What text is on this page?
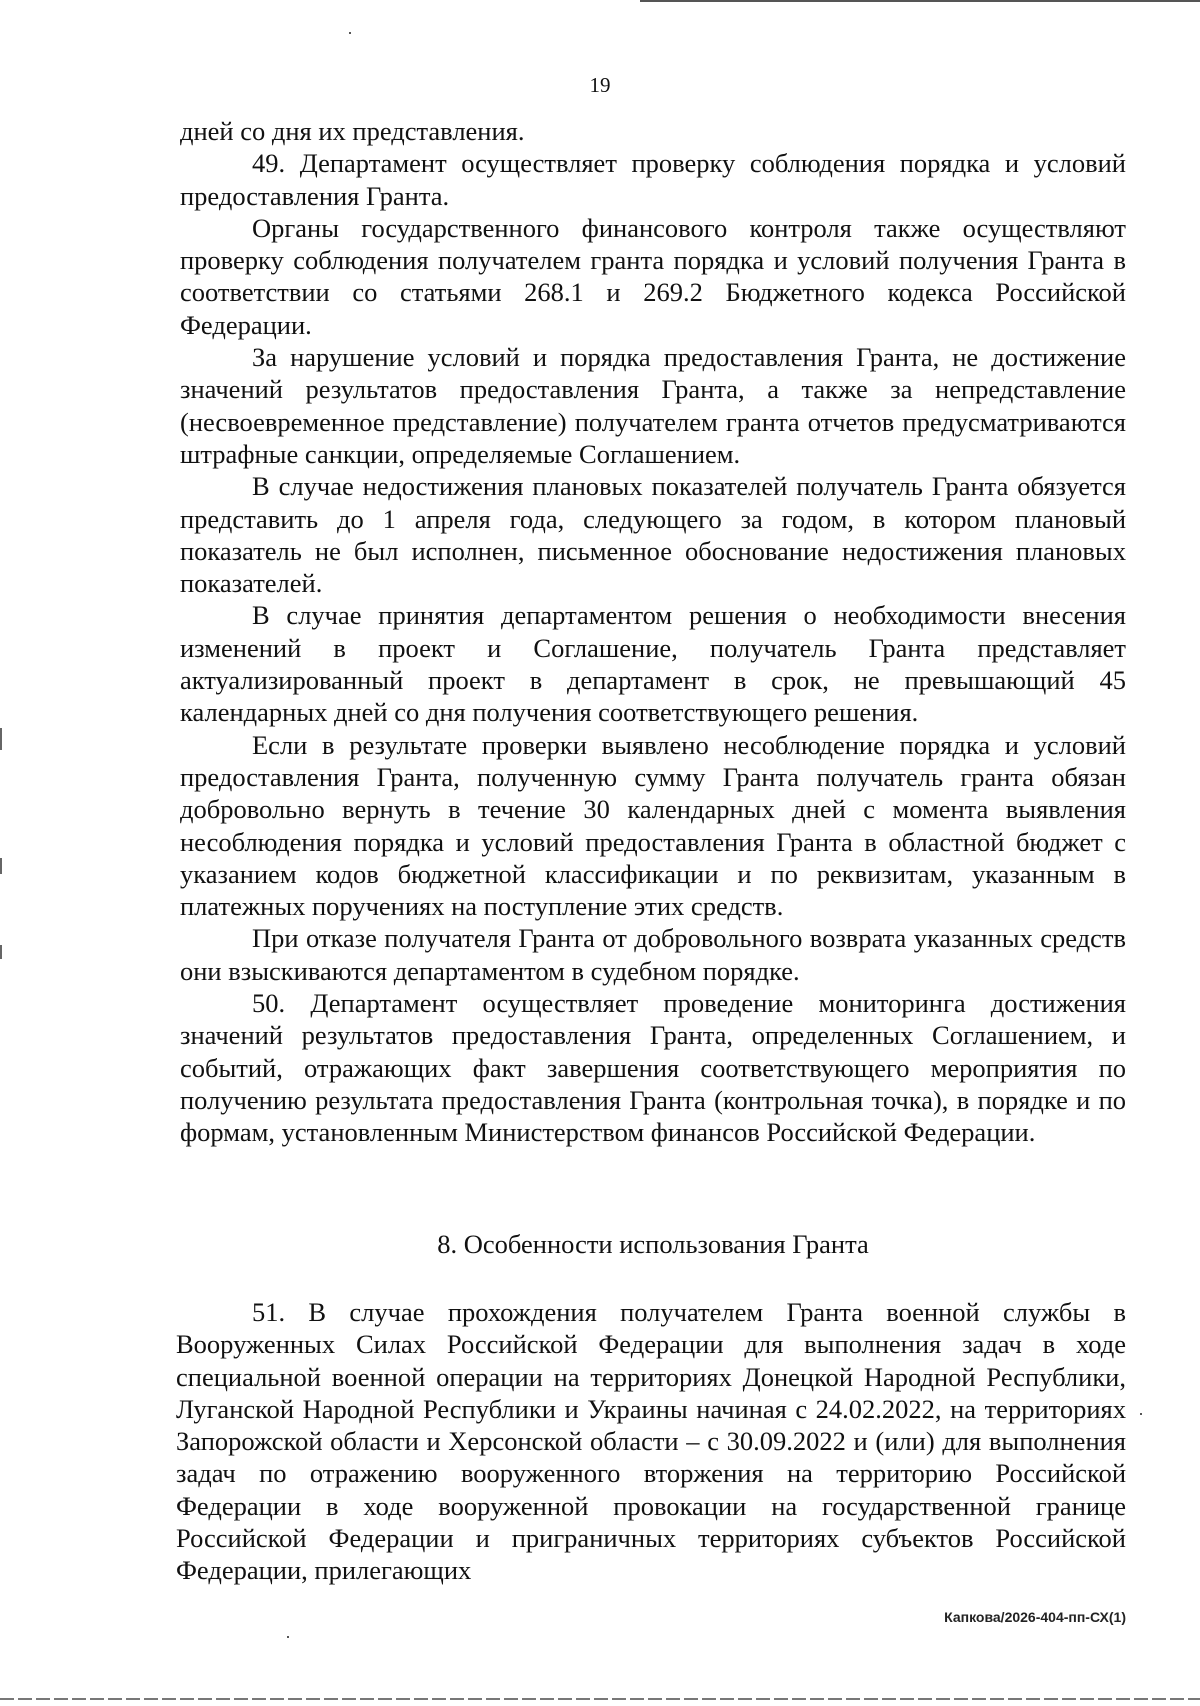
19

дней со дня их представления.

49. Департамент осуществляет проверку соблюдения порядка и условий предоставления Гранта.

Органы государственного финансового контроля также осуществляют проверку соблюдения получателем гранта порядка и условий получения Гранта в соответствии со статьями 268.1 и 269.2 Бюджетного кодекса Российской Федерации.

За нарушение условий и порядка предоставления Гранта, не достижение значений результатов предоставления Гранта, а также за непредставление (несвоевременное представление) получателем гранта отчетов предусматриваются штрафные санкции, определяемые Соглашением.

В случае недостижения плановых показателей получатель Гранта обязуется представить до 1 апреля года, следующего за годом, в котором плановый показатель не был исполнен, письменное обоснование недостижения плановых показателей.

В случае принятия департаментом решения о необходимости внесения изменений в проект и Соглашение, получатель Гранта представляет актуализированный проект в департамент в срок, не превышающий 45 календарных дней со дня получения соответствующего решения.

Если в результате проверки выявлено несоблюдение порядка и условий предоставления Гранта, полученную сумму Гранта получатель гранта обязан добровольно вернуть в течение 30 календарных дней с момента выявления несоблюдения порядка и условий предоставления Гранта в областной бюджет с указанием кодов бюджетной классификации и по реквизитам, указанным в платежных поручениях на поступление этих средств.

При отказе получателя Гранта от добровольного возврата указанных средств они взыскиваются департаментом в судебном порядке.

50. Департамент осуществляет проведение мониторинга достижения значений результатов предоставления Гранта, определенных Соглашением, и событий, отражающих факт завершения соответствующего мероприятия по получению результата предоставления Гранта (контрольная точка), в порядке и по формам, установленным Министерством финансов Российской Федерации.

8. Особенности использования Гранта

51. В случае прохождения получателем Гранта военной службы в Вооруженных Силах Российской Федерации для выполнения задач в ходе специальной военной операции на территориях Донецкой Народной Республики, Луганской Народной Республики и Украины начиная с 24.02.2022, на территориях Запорожской области и Херсонской области – с 30.09.2022 и (или) для выполнения задач по отражению вооруженного вторжения на территорию Российской Федерации в ходе вооруженной провокации на государственной границе Российской Федерации и приграничных территориях субъектов Российской Федерации, прилегающих

Капкова/2026-404-пп-СХ(1)
